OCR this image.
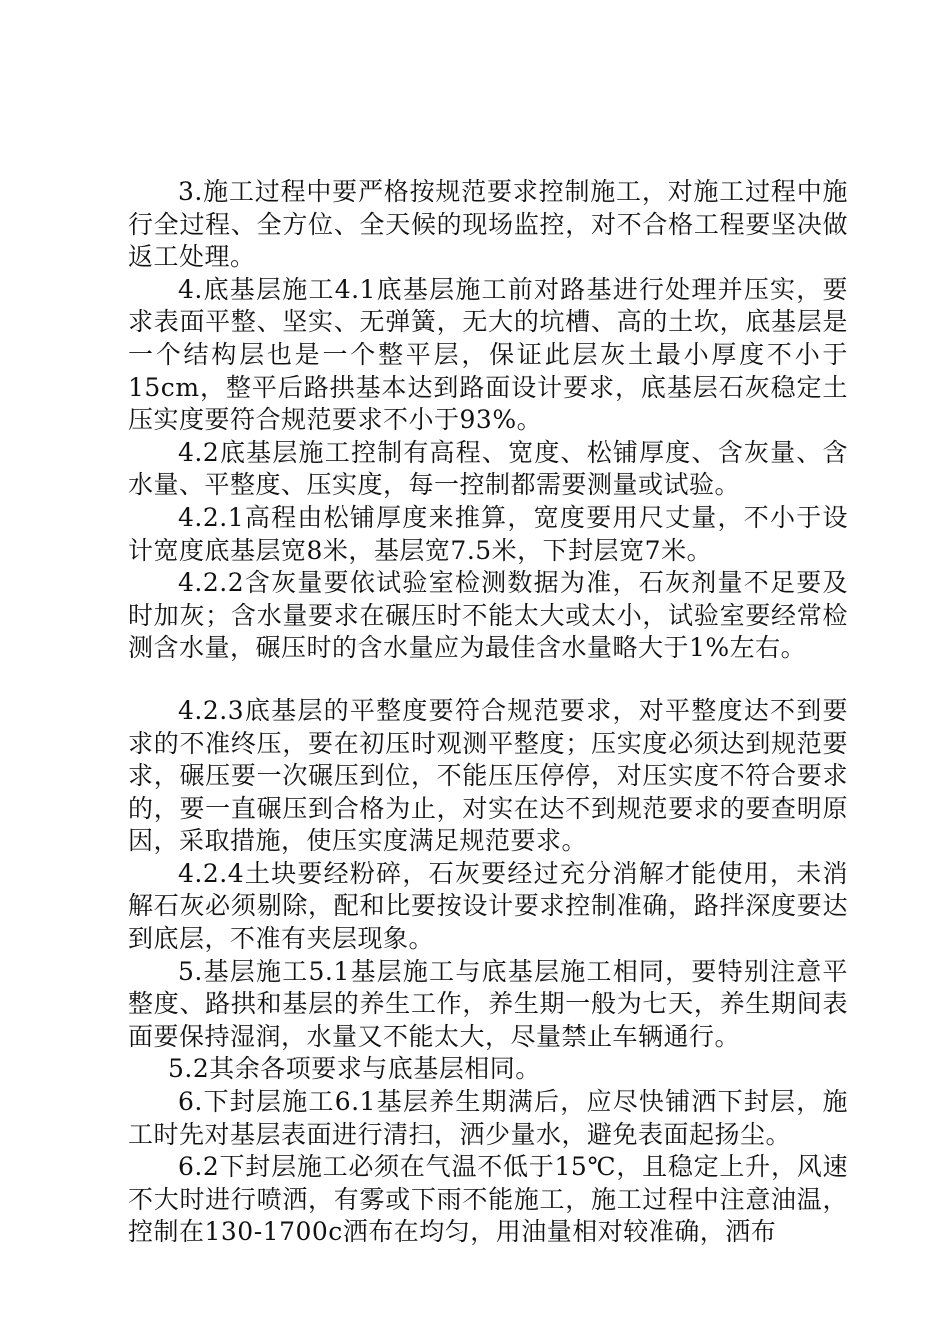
3.施工过程中要严格按规范要求控制施工，对施工过程中施行全过程、全方位、全天候的现场监控，对不合格工程要坚决做返工处理。

4.底基层施工4.1底基层施工前对路基进行处理并压实，要求表面平整、坚实、无弹簧，无大的坑槽、高的土坎，底基层是一个结构层也是一个整平层，保证此层灰土最小厚度不小于15cm，整平后路拱基本达到路面设计要求，底基层石灰稳定土压实度要符合规范要求不小于93%。

4.2底基层施工控制有高程、宽度、松铺厚度、含灰量、含水量、平整度、压实度，每一控制都需要测量或试验。

4.2.1高程由松铺厚度来推算，宽度要用尺丈量，不小于设计宽度底基层宽8米，基层宽7.5米，下封层宽7米。

4.2.2含灰量要依试验室检测数据为准，石灰剂量不足要及时加灰；含水量要求在碾压时不能太大或太小，试验室要经常检测含水量，碾压时的含水量应为最佳含水量略大于1%左右。

4.2.3底基层的平整度要符合规范要求，对平整度达不到要求的不准终压，要在初压时观测平整度；压实度必须达到规范要求，碾压要一次碾压到位，不能压压停停，对压实度不符合要求的，要一直碾压到合格为止，对实在达不到规范要求的要查明原因，采取措施，使压实度满足规范要求。

4.2.4土块要经粉碎，石灰要经过充分消解才能使用，未消解石灰必须剔除，配和比要按设计要求控制准确，路拌深度要达到底层，不准有夹层现象。

5.基层施工5.1基层施工与底基层施工相同，要特别注意平整度、路拱和基层的养生工作，养生期一般为七天，养生期间表面要保持湿润，水量又不能太大，尽量禁止车辆通行。

5.2其余各项要求与底基层相同。

6.下封层施工6.1基层养生期满后，应尽快铺洒下封层，施工时先对基层表面进行清扫，洒少量水，避免表面起扬尘。

6.2下封层施工必须在气温不低于15℃，且稳定上升，风速不大时进行喷洒，有雾或下雨不能施工，施工过程中注意油温，控制在130-1700c洒布在均匀，用油量相对较准确，洒布
